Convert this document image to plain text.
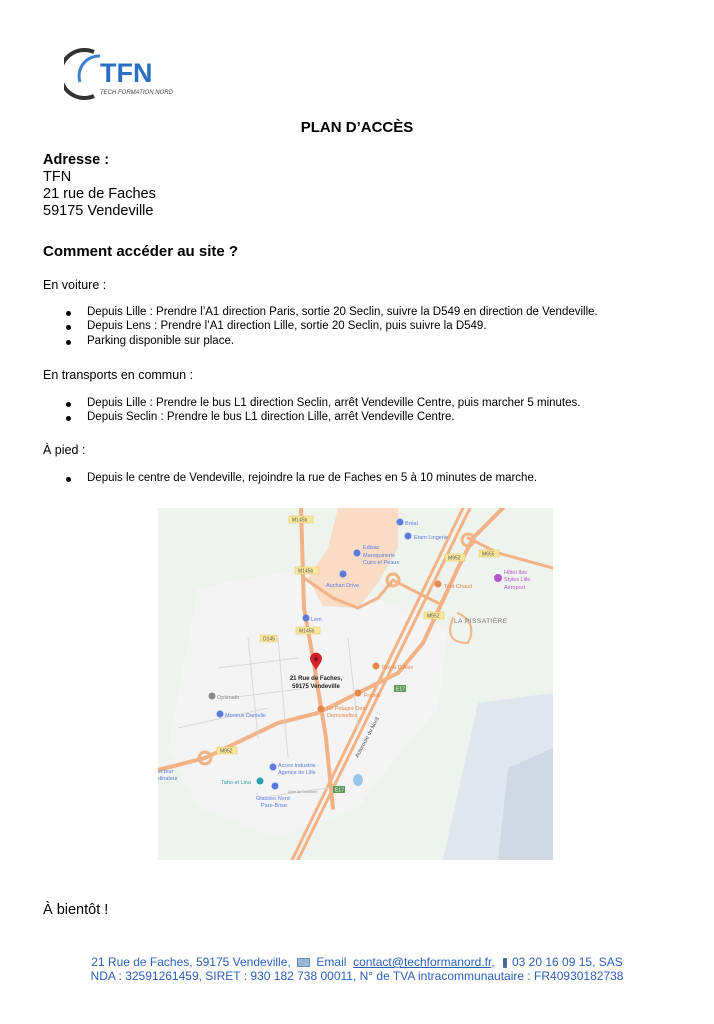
TFN
TECH FORMATION NORD
PLAN D’ACCÈS
Adresse :
TFN
21 rue de Faches
59175 Vendeville
Comment accéder au site ?
En voiture :
Depuis Lille : Prendre l’A1 direction Paris, sortie 20 Seclin, suivre la D549 en direction de Vendeville.
Depuis Lens : Prendre l’A1 direction Lille, sortie 20 Seclin, puis suivre la D549.
Parking disponible sur place.
En transports en commun :
Depuis Lille : Prendre le bus L1 direction Seclin, arrêt Vendeville Centre, puis marcher 5 minutes.
Depuis Seclin : Prendre le bus L1 direction Lille, arrêt Vendeville Centre.
À pied :
Depuis le centre de Vendeville, rejoindre la rue de Faches en 5 à 10 minutes de marche.
M145b
M145b
M145b
D145
M952
M952
M952
M655
E17
E17
Bréal
Etam Lingerie
Edisac
Maroquinerie
Cuirs et Peaux
Auchan Drive
Lem
Morieux Danielle
Acces Industrie -
Agence de Lille
Glasseo Nord
Pare-Brise
Tout Chaud
Royal D'Asie
Fratelli
Le Potager Des
Demoiselles
Hôtel Ibis
Styles Lille
Aéroport
Optimath
Taho et Lina
ecteur
dinateur
LA PISSATIÈRE
Zone du Courtillon
Autoroute du Nord
21 Rue de Faches,
59175 Vendeville
À bientôt !
21 Rue de Faches, 59175 Vendeville, Email contact@techformanord.fr, 03 20 16 09 15, SAS
NDA : 32591261459, SIRET : 930 182 738 00011, N° de TVA intracommunautaire : FR40930182738
